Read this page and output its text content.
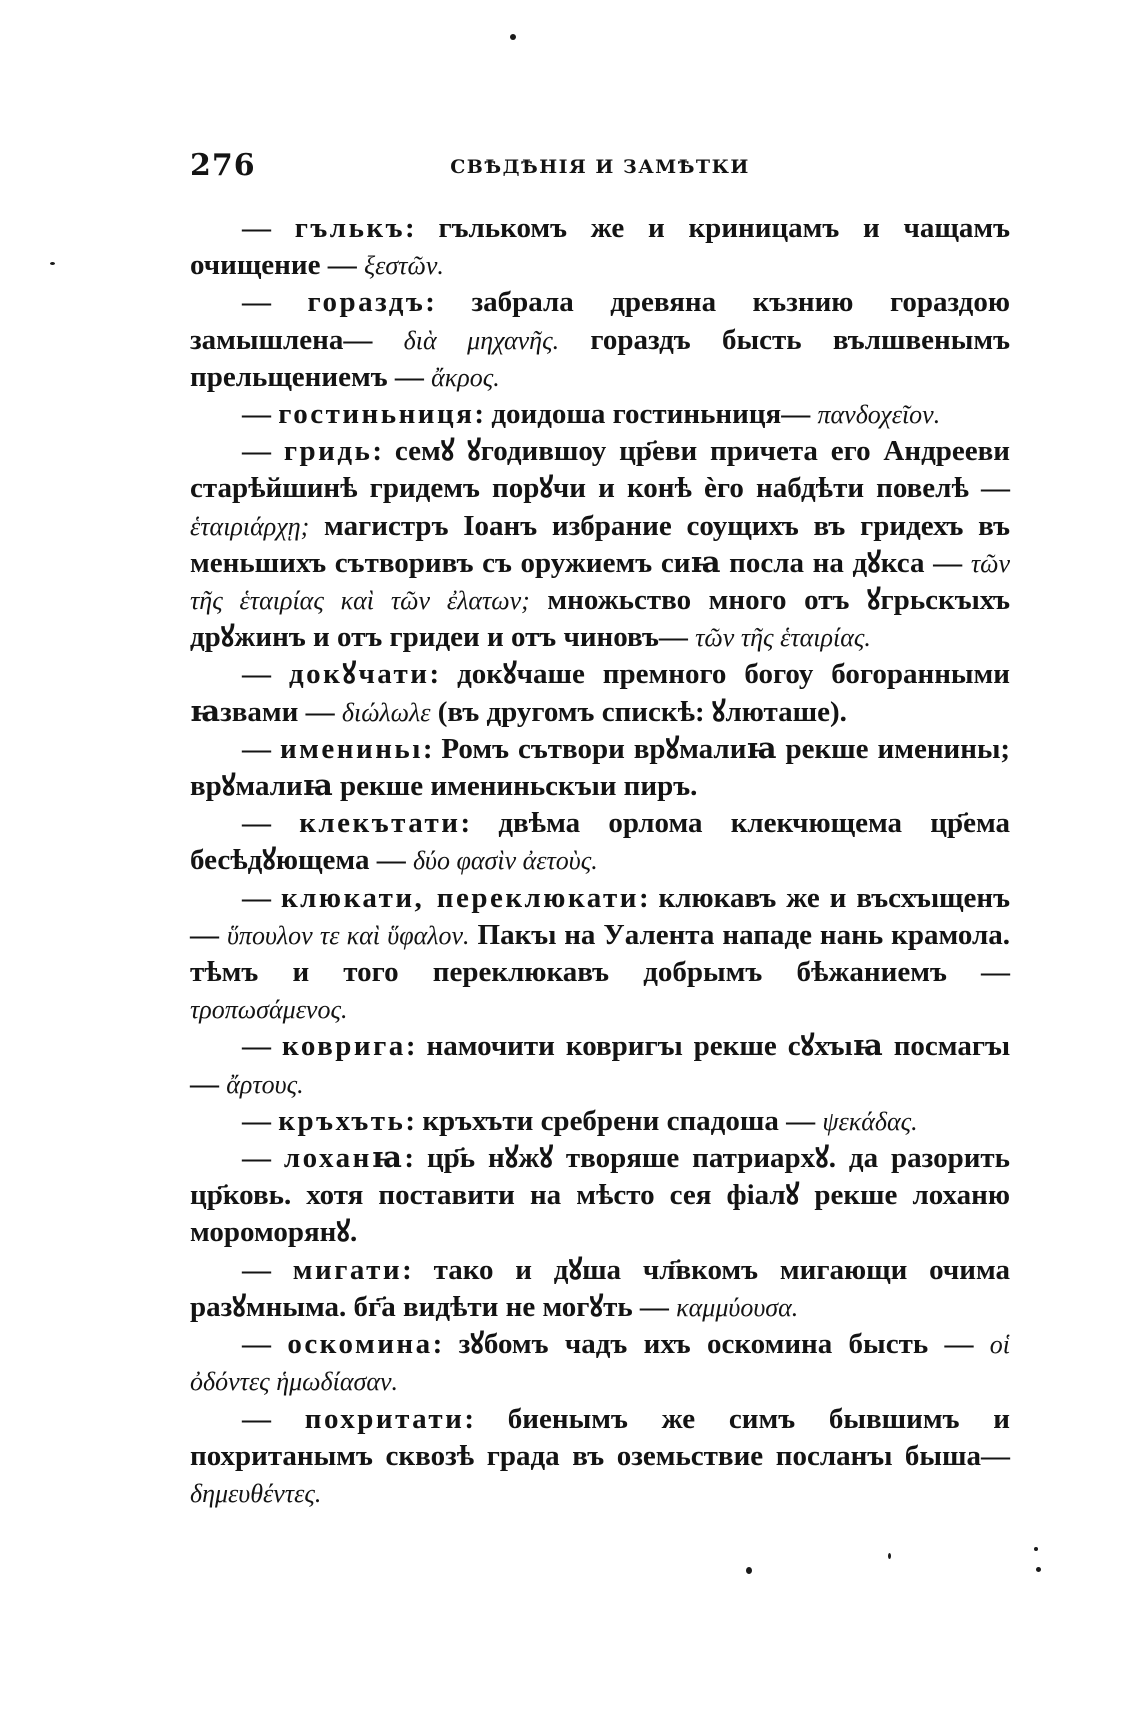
276	СВѢДѢНІЯ И ЗАМѢТКИ

— гълькъ: гълькомъ же и криницамъ и чащамъ очищение — ξεστῶν.

— гораздъ: забрала древяна къзнию гораздою замышлена— διὰ μηχανῆς. гораздъ бысть вълшвенымъ прельщениемъ — ἄκρος.

— гостиньниця: доидоша гостиньниця— πανδοχεῖον.

— гридь: семꙋ ꙋгодившоу цр҃еви причета его Андрееви старѣйшинѣ гридемъ порꙋчи и конѣ ѐго набдѣти повелѣ — ἑταιριάρχῃ; магистръ Іоанъ избрание соущихъ въ гридехъ въ меньшихъ сътворивъ съ оружиемъ сиꙗ посла на дꙋкса — τῶν τῆς ἑταιρίας καὶ τῶν ἐλατων; множьство много отъ ꙋгрьскъıхъ дрꙋжинъ и отъ гридеи и отъ чиновъ— τῶν τῆς ἑταιρίας.

— докꙋчати: докꙋчаше премного богоу богоранными ꙗзвами — διώλωλε (въ другомъ спискѣ: ꙋлюташе).

— имениньı: Ромъ сътвори врꙋмалиꙗ рекше имениньı; врꙋмалиꙗ рекше имениньскъıи пиръ.

— клекътати: двѣма орлома клекчющема цр҃ема бесѣдꙋющема — δύο φασὶν ἀετοὺς.

— клюкати, переклюкати: клюкавъ же и въсхъıщенъ— ὕπουλον τε καὶ ὕφαλον. Пакъı на Уалента нападе нань крамола. тѣмъ и того переклюкавъ добрымъ бѣжаниемъ — τροπωσάμενος.

— коврига: намочити ковригъı рекше сꙋхъıꙗ посмагъı — ἄρτους.

— кръхъть: кръхъти сребрени спадоша — ψεκάδας.

— лоханꙗ: цр҃ь нꙋжꙋ творяше патриархꙋ. да разорить цр҃ковь. хотя поставити на мѣсто сея фіалꙋ рекше лоханю мороморянꙋ.

— мигати: тако и дꙋша чл҃вкомъ мигающи очима разꙋмныма. бг҃а видѣти не могꙋть — καμμύουσα.

— оскомина: зꙋбомъ чадъ ихъ оскомина бысть — οἱ ὀδόντες ἡμωδίασαν.

— похритати: биенымъ же симъ бывшимъ и похританымъ сквозѣ града въ оземьствие посланъı быша— δημευθέντες.
